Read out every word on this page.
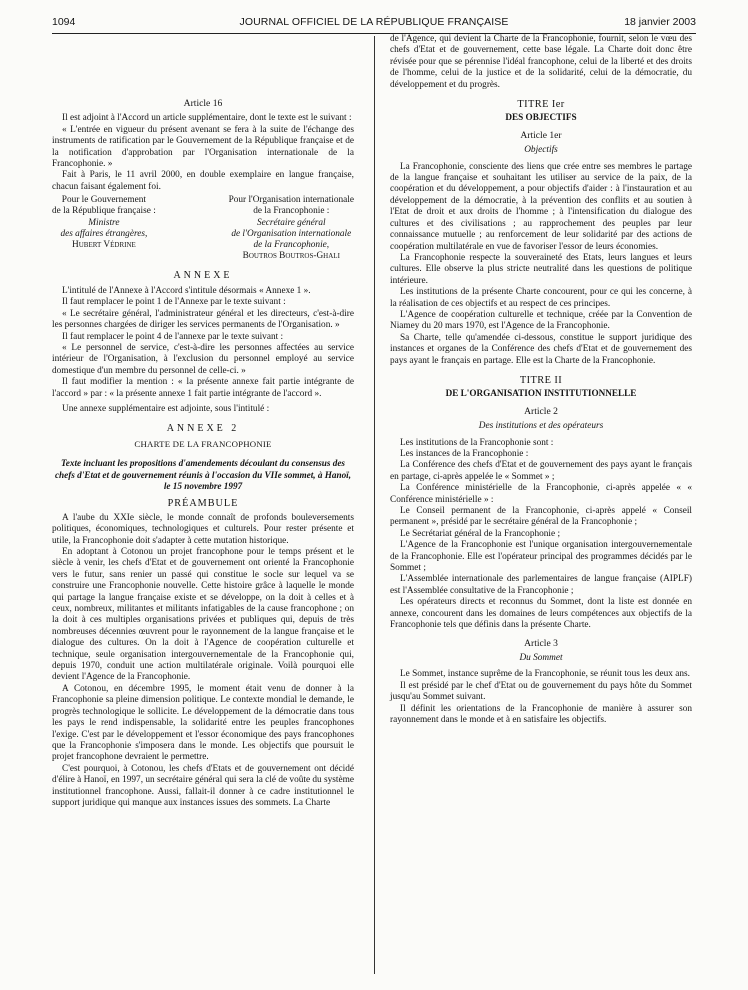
1094	JOURNAL OFFICIEL DE LA RÉPUBLIQUE FRANÇAISE	18 janvier 2003
Article 16

Il est adjoint à l'Accord un article supplémentaire, dont le texte est le suivant :

« L'entrée en vigueur du présent avenant se fera à la suite de l'échange des instruments de ratification par le Gouvernement de la République française et de la notification d'approbation par l'Organisation internationale de la Francophonie. »

Fait à Paris, le 11 avril 2000, en double exemplaire en langue française, chacun faisant également foi.

Pour le Gouvernement
de la République française :
Ministre
des affaires étrangères,
Hubert Védrine
Pour l'Organisation internationale
de la Francophonie :
Secrétaire général
de l'Organisation internationale
de la Francophonie,
Boutros Boutros-Ghali
ANNEXE

L'intitulé de l'Annexe à l'Accord s'intitule désormais « Annexe 1 ».

Il faut remplacer le point 1 de l'Annexe par le texte suivant :

« Le secrétaire général, l'administrateur général et les directeurs, c'est-à-dire les personnes chargées de diriger les services permanents de l'Organisation. »

Il faut remplacer le point 4 de l'annexe par le texte suivant :

« Le personnel de service, c'est-à-dire les personnes affectées au service intérieur de l'Organisation, à l'exclusion du personnel employé au service domestique d'un membre du personnel de celle-ci. »

Il faut modifier la mention : « la présente annexe fait partie intégrante de l'accord » par : « la présente annexe 1 fait partie intégrante de l'accord ».

Une annexe supplémentaire est adjointe, sous l'intitulé :

ANNEXE 2
CHARTE DE LA FRANCOPHONIE
Texte incluant les propositions d'amendements découlant du consensus des chefs d'Etat et de gouvernement réunis à l'occasion du VIIe sommet, à Hanoï, le 15 novembre 1997
PRÉAMBULE

A l'aube du XXIe siècle, le monde connaît de profonds bouleversements politiques, économiques, technologiques et culturels. Pour rester présente et utile, la Francophonie doit s'adapter à cette mutation historique.

En adoptant à Cotonou un projet francophone pour le temps présent et le siècle à venir, les chefs d'Etat et de gouvernement ont orienté la Francophonie vers le futur, sans renier un passé qui constitue le socle sur lequel va se construire une Francophonie nouvelle. Cette histoire grâce à laquelle le monde qui partage la langue française existe et se développe, on la doit à celles et à ceux, nombreux, militantes et militants infatigables de la cause francophone ; on la doit à ces multiples organisations privées et publiques qui, depuis de très nombreuses décennies œuvrent pour le rayonnement de la langue française et le dialogue des cultures. On la doit à l'Agence de coopération culturelle et technique, seule organisation intergouvernementale de la Francophonie qui, depuis 1970, conduit une action multilatérale originale. Voilà pourquoi elle devient l'Agence de la Francophonie.

A Cotonou, en décembre 1995, le moment était venu de donner à la Francophonie sa pleine dimension politique. Le contexte mondial le demande, le progrès technologique le sollicite. Le développement de la démocratie dans tous les pays le rend indispensable, la solidarité entre les peuples francophones l'exige. C'est par le développement et l'essor économique des pays francophones que la Francophonie s'imposera dans le monde. Les objectifs que poursuit le projet francophone devraient le permettre.

C'est pourquoi, à Cotonou, les chefs d'Etats et de gouvernement ont décidé d'élire à Hanoï, en 1997, un secrétaire général qui sera la clé de voûte du système institutionnel francophone. Aussi, fallait-il donner à ce cadre institutionnel le support juridique qui manque aux instances issues des sommets. La Charte

de l'Agence, qui devient la Charte de la Francophonie, fournit, selon le vœu des chefs d'Etat et de gouvernement, cette base légale. La Charte doit donc être révisée pour que se pérennise l'idéal francophone, celui de la liberté et des droits de l'homme, celui de la justice et de la solidarité, celui de la démocratie, du développement et du progrès.

TITRE Ier
DES OBJECTIFS
Article 1er
Objectifs

La Francophonie, consciente des liens que crée entre ses membres le partage de la langue française et souhaitant les utiliser au service de la paix, de la coopération et du développement, a pour objectifs d'aider : à l'instauration et au développement de la démocratie, à la prévention des conflits et au soutien à l'Etat de droit et aux droits de l'homme ; à l'intensification du dialogue des cultures et des civilisations ; au rapprochement des peuples par leur connaissance mutuelle ; au renforcement de leur solidarité par des actions de coopération multilatérale en vue de favoriser l'essor de leurs économies.

La Francophonie respecte la souveraineté des Etats, leurs langues et leurs cultures. Elle observe la plus stricte neutralité dans les questions de politique intérieure.

Les institutions de la présente Charte concourent, pour ce qui les concerne, à la réalisation de ces objectifs et au respect de ces principes.

L'Agence de coopération culturelle et technique, créée par la Convention de Niamey du 20 mars 1970, est l'Agence de la Francophonie.

Sa Charte, telle qu'amendée ci-dessous, constitue le support juridique des instances et organes de la Conférence des chefs d'Etat et de gouvernement des pays ayant le français en partage. Elle est la Charte de la Francophonie.

TITRE II
DE L'ORGANISATION INSTITUTIONNELLE
Article 2
Des institutions et des opérateurs

Les institutions de la Francophonie sont :

Les instances de la Francophonie :

La Conférence des chefs d'Etat et de gouvernement des pays ayant le français en partage, ci-après appelée le « Sommet » ;

La Conférence ministérielle de la Francophonie, ci-après appelée « « Conférence ministérielle » :

Le Conseil permanent de la Francophonie, ci-après appelé « Conseil permanent », présidé par le secrétaire général de la Francophonie ;

Le Secrétariat général de la Francophonie ;

L'Agence de la Francophonie est l'unique organisation intergouvernementale de la Francophonie. Elle est l'opérateur principal des programmes décidés par le Sommet ;

L'Assemblée internationale des parlementaires de langue française (AIPLF) est l'Assemblée consultative de la Francophonie ;

Les opérateurs directs et reconnus du Sommet, dont la liste est donnée en annexe, concourent dans les domaines de leurs compétences aux objectifs de la Francophonie tels que définis dans la présente Charte.

Article 3
Du Sommet

Le Sommet, instance suprême de la Francophonie, se réunit tous les deux ans.

Il est présidé par le chef d'Etat ou de gouvernement du pays hôte du Sommet jusqu'au Sommet suivant.

Il définit les orientations de la Francophonie de manière à assurer son rayonnement dans le monde et à en satisfaire les objectifs.
